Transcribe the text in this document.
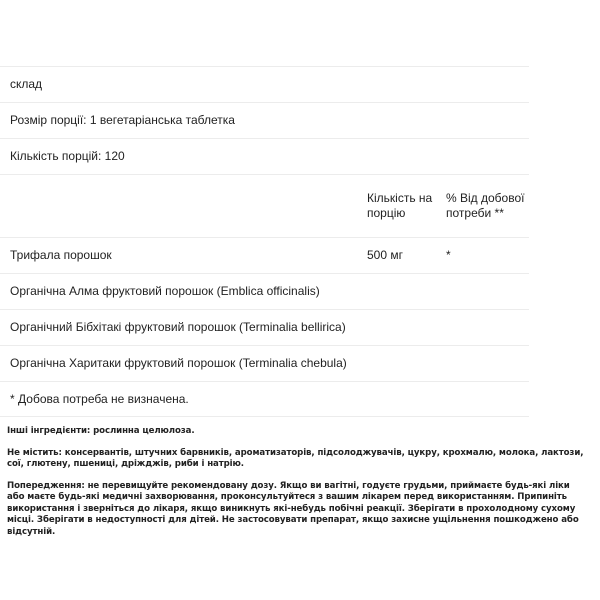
склад
Розмір порції: 1 вегетаріанська таблетка
Кількість порцій: 120
Кількість на порцію
% Від добової потреби **
Трифала порошок	500 мг	*
Органічна Алма фруктовий порошок (Emblica officinalis)
Органічний Бібхітакі фруктовий порошок (Terminalia bellirica)
Органічна Харитаки фруктовий порошок (Terminalia chebula)
* Добова потреба не визначена.

Інші інгредієнти: рослинна целюлоза.

Не містить: консервантів, штучних барвників, ароматизаторів, підсолоджувачів, цукру, крохмалю, молока, лактози, сої, глютену, пшениці, дріжджів, риби і натрію.

Попередження: не перевищуйте рекомендовану дозу. Якщо ви вагітні, годуєте грудьми, приймаєте будь-які ліки або маєте будь-які медичні захворювання, проконсультуйтеся з вашим лікарем перед використанням. Припиніть використання і зверніться до лікаря, якщо виникнуть які-небудь побічні реакції. Зберігати в прохолодному сухому місці. Зберігати в недоступності для дітей. Не застосовувати препарат, якщо захисне ущільнення пошкоджено або відсутній.
